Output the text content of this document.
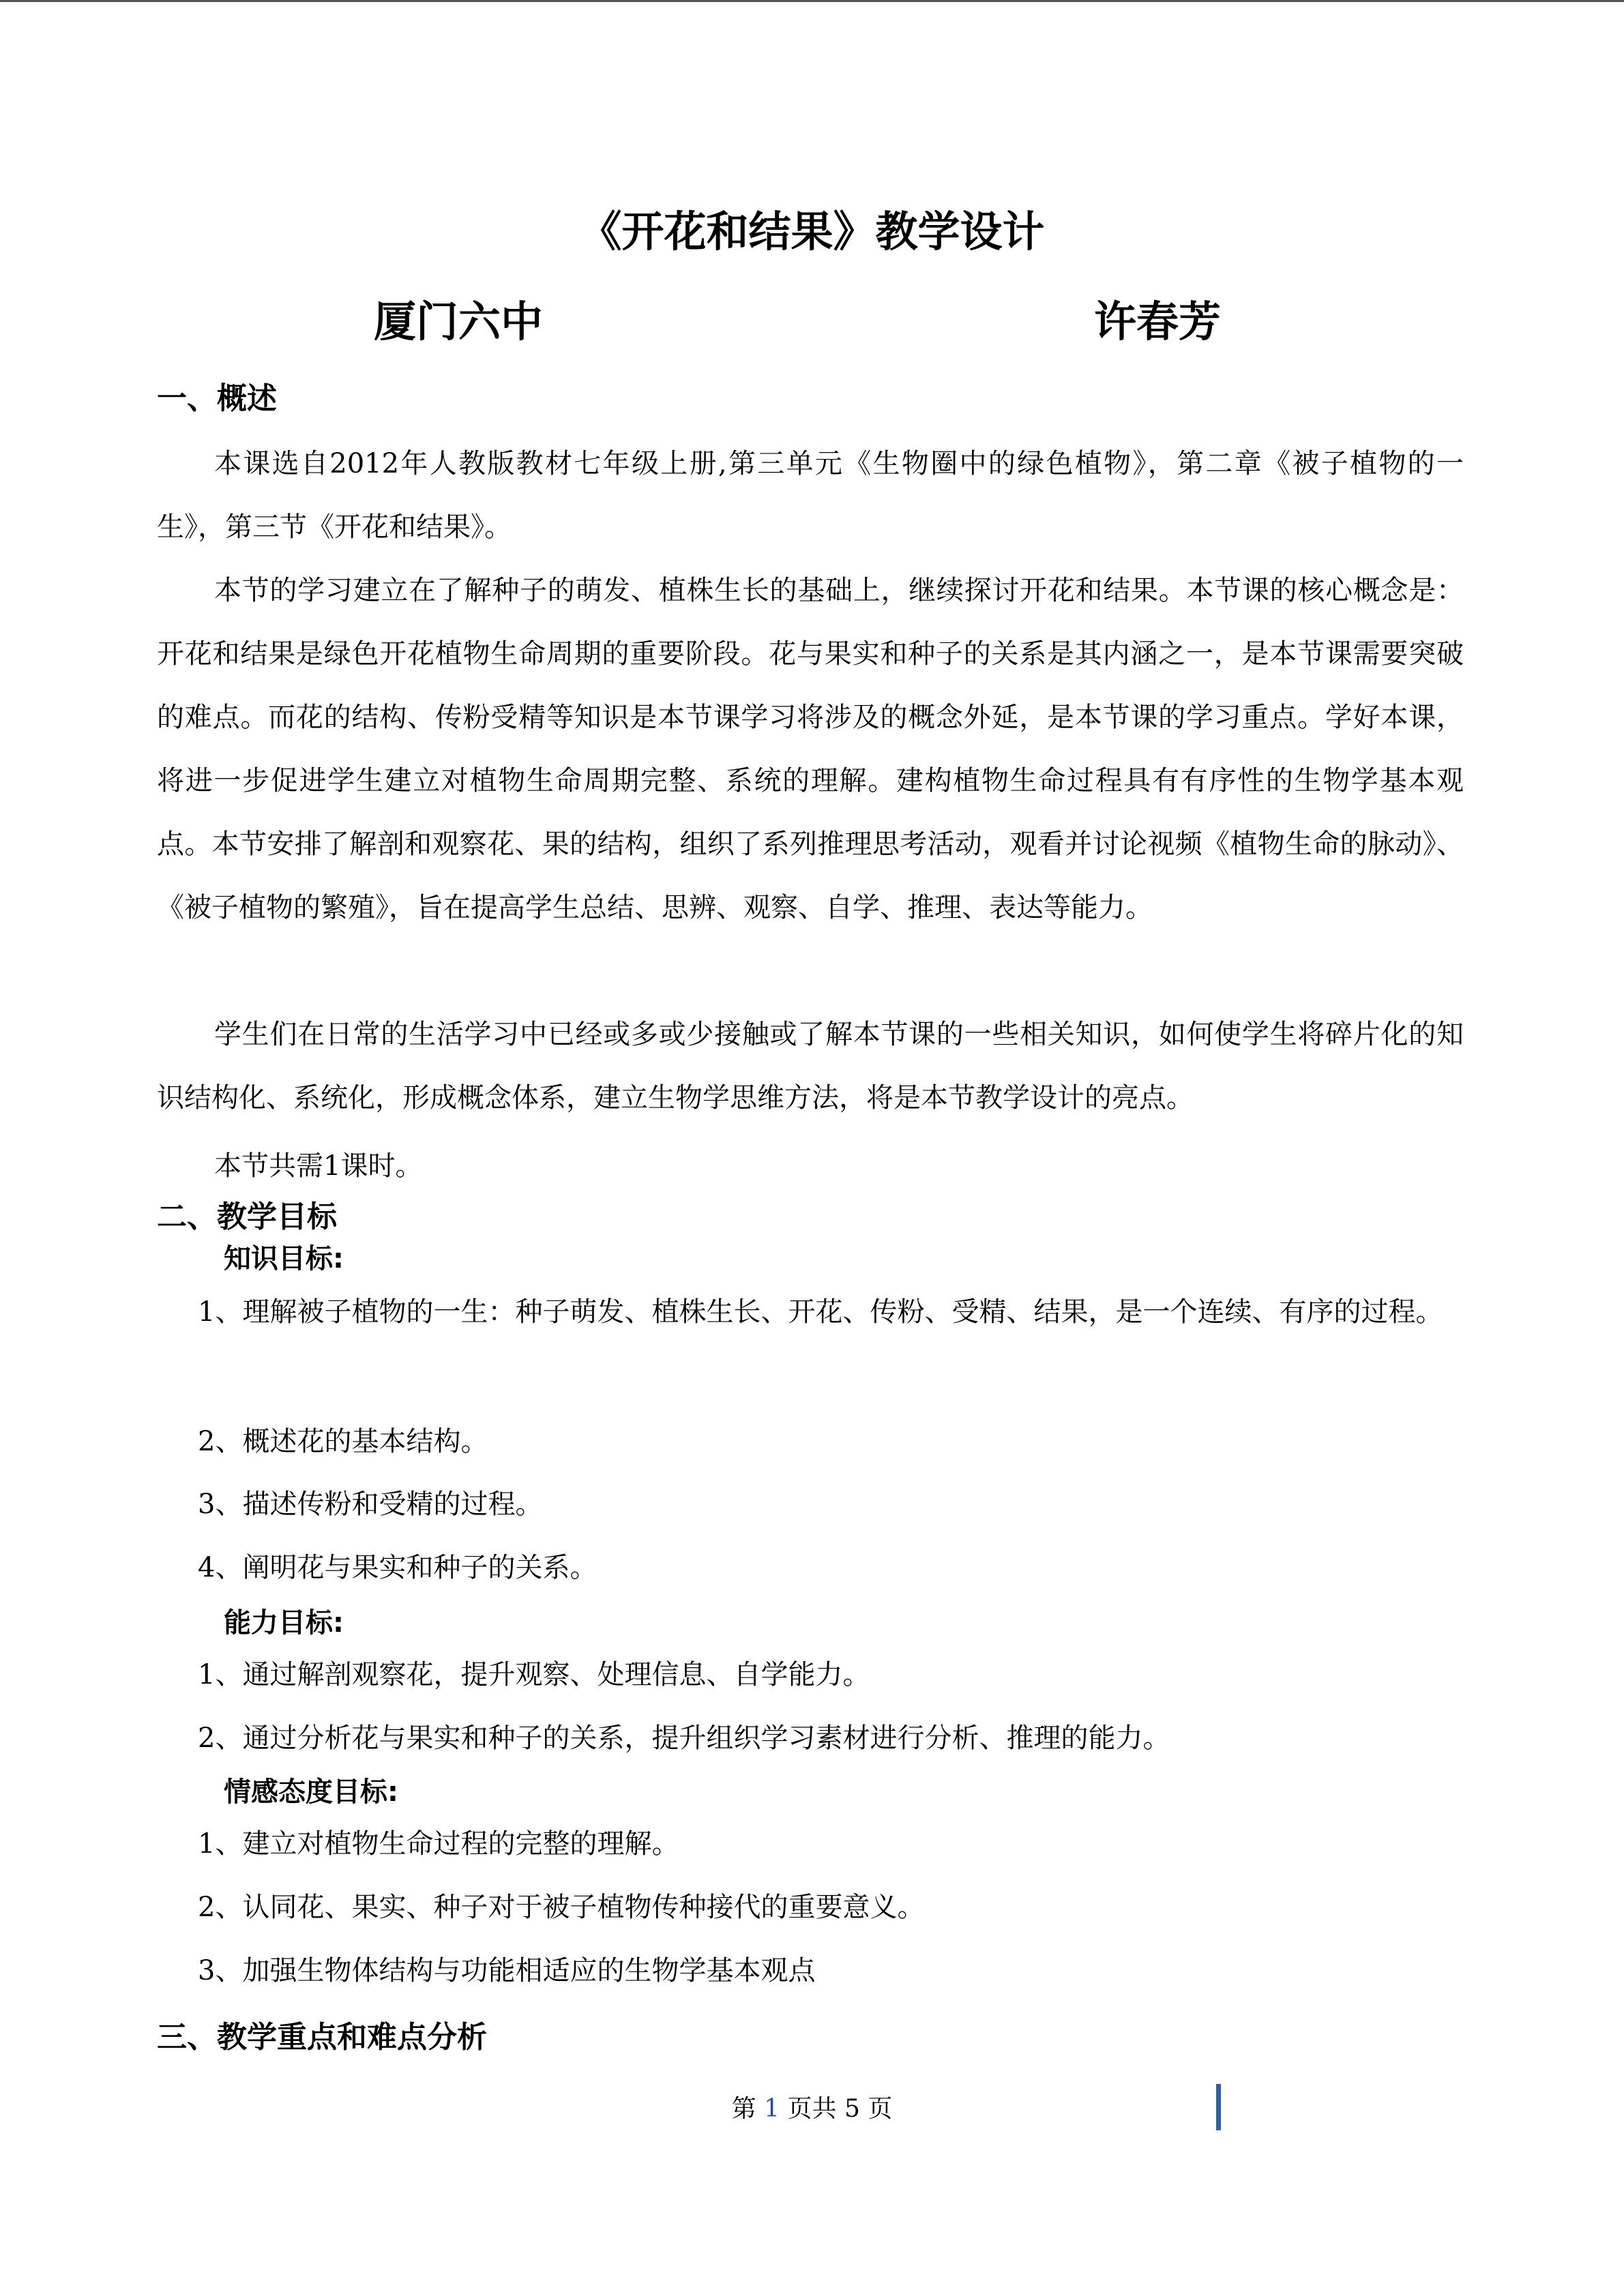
《开花和结果》教学设计
厦门六中	许春芳
一、概述

本课选自2012年人教版教材七年级上册,第三单元《生物圈中的绿色植物》，第二章《被子植物的一生》，第三节《开花和结果》。

本节的学习建立在了解种子的萌发、植株生长的基础上，继续探讨开花和结果。本节课的核心概念是：开花和结果是绿色开花植物生命周期的重要阶段。花与果实和种子的关系是其内涵之一，是本节课需要突破的难点。而花的结构、传粉受精等知识是本节课学习将涉及的概念外延，是本节课的学习重点。学好本课，将进一步促进学生建立对植物生命周期完整、系统的理解。建构植物生命过程具有有序性的生物学基本观点。本节安排了解剖和观察花、果的结构，组织了系列推理思考活动，观看并讨论视频《植物生命的脉动》、《被子植物的繁殖》，旨在提高学生总结、思辨、观察、自学、推理、表达等能力。

学生们在日常的生活学习中已经或多或少接触或了解本节课的一些相关知识，如何使学生将碎片化的知识结构化、系统化，形成概念体系，建立生物学思维方法，将是本节教学设计的亮点。

本节共需1课时。

二、教学目标
知识目标:
1、理解被子植物的一生：种子萌发、植株生长、开花、传粉、受精、结果，是一个连续、有序的过程。
2、概述花的基本结构。
3、描述传粉和受精的过程。
4、阐明花与果实和种子的关系。
能力目标:
1、通过解剖观察花，提升观察、处理信息、自学能力。
2、通过分析花与果实和种子的关系，提升组织学习素材进行分析、推理的能力。
情感态度目标:
1、建立对植物生命过程的完整的理解。
2、认同花、果实、种子对于被子植物传种接代的重要意义。
3、加强生物体结构与功能相适应的生物学基本观点
三、教学重点和难点分析
第 1 页共 5 页
